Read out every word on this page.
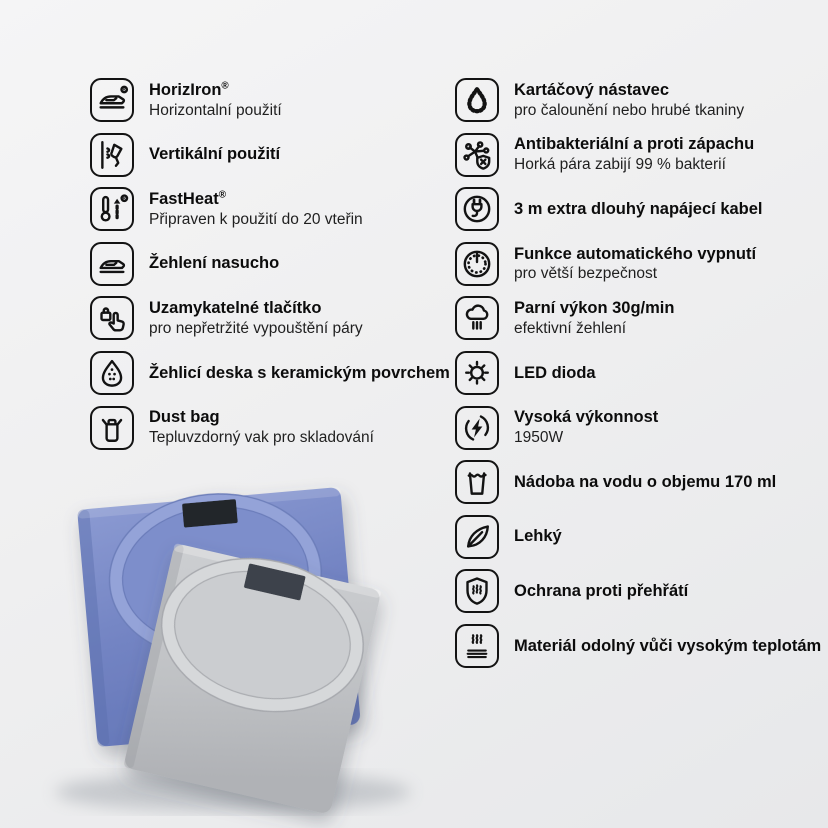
R HorizIron®
Horizontalní použití
Vertikální použití
R FastHeat®
Připraven k použití do 20 vteřin
Žehlení nasucho
Uzamykatelné tlačítko
pro nepřetržité vypouštění páry
Žehlicí deska s keramickým povrchem
Dust bag
Tepluvzdorný vak pro skladování
Kartáčový nástavec
pro čalounění nebo hrubé tkaniny
Antibakteriální a proti zápachu
Horká pára zabijí 99 % bakterií
3 m extra dlouhý napájecí kabel
Funkce automatického vypnutí
pro větší bezpečnost
Parní výkon 30g/min
efektivní žehlení
LED dioda
Vysoká výkonnost
1950W
Nádoba na vodu o objemu 170 ml
Lehký
Ochrana proti přehřátí
Materiál odolný vůči vysokým teplotám
